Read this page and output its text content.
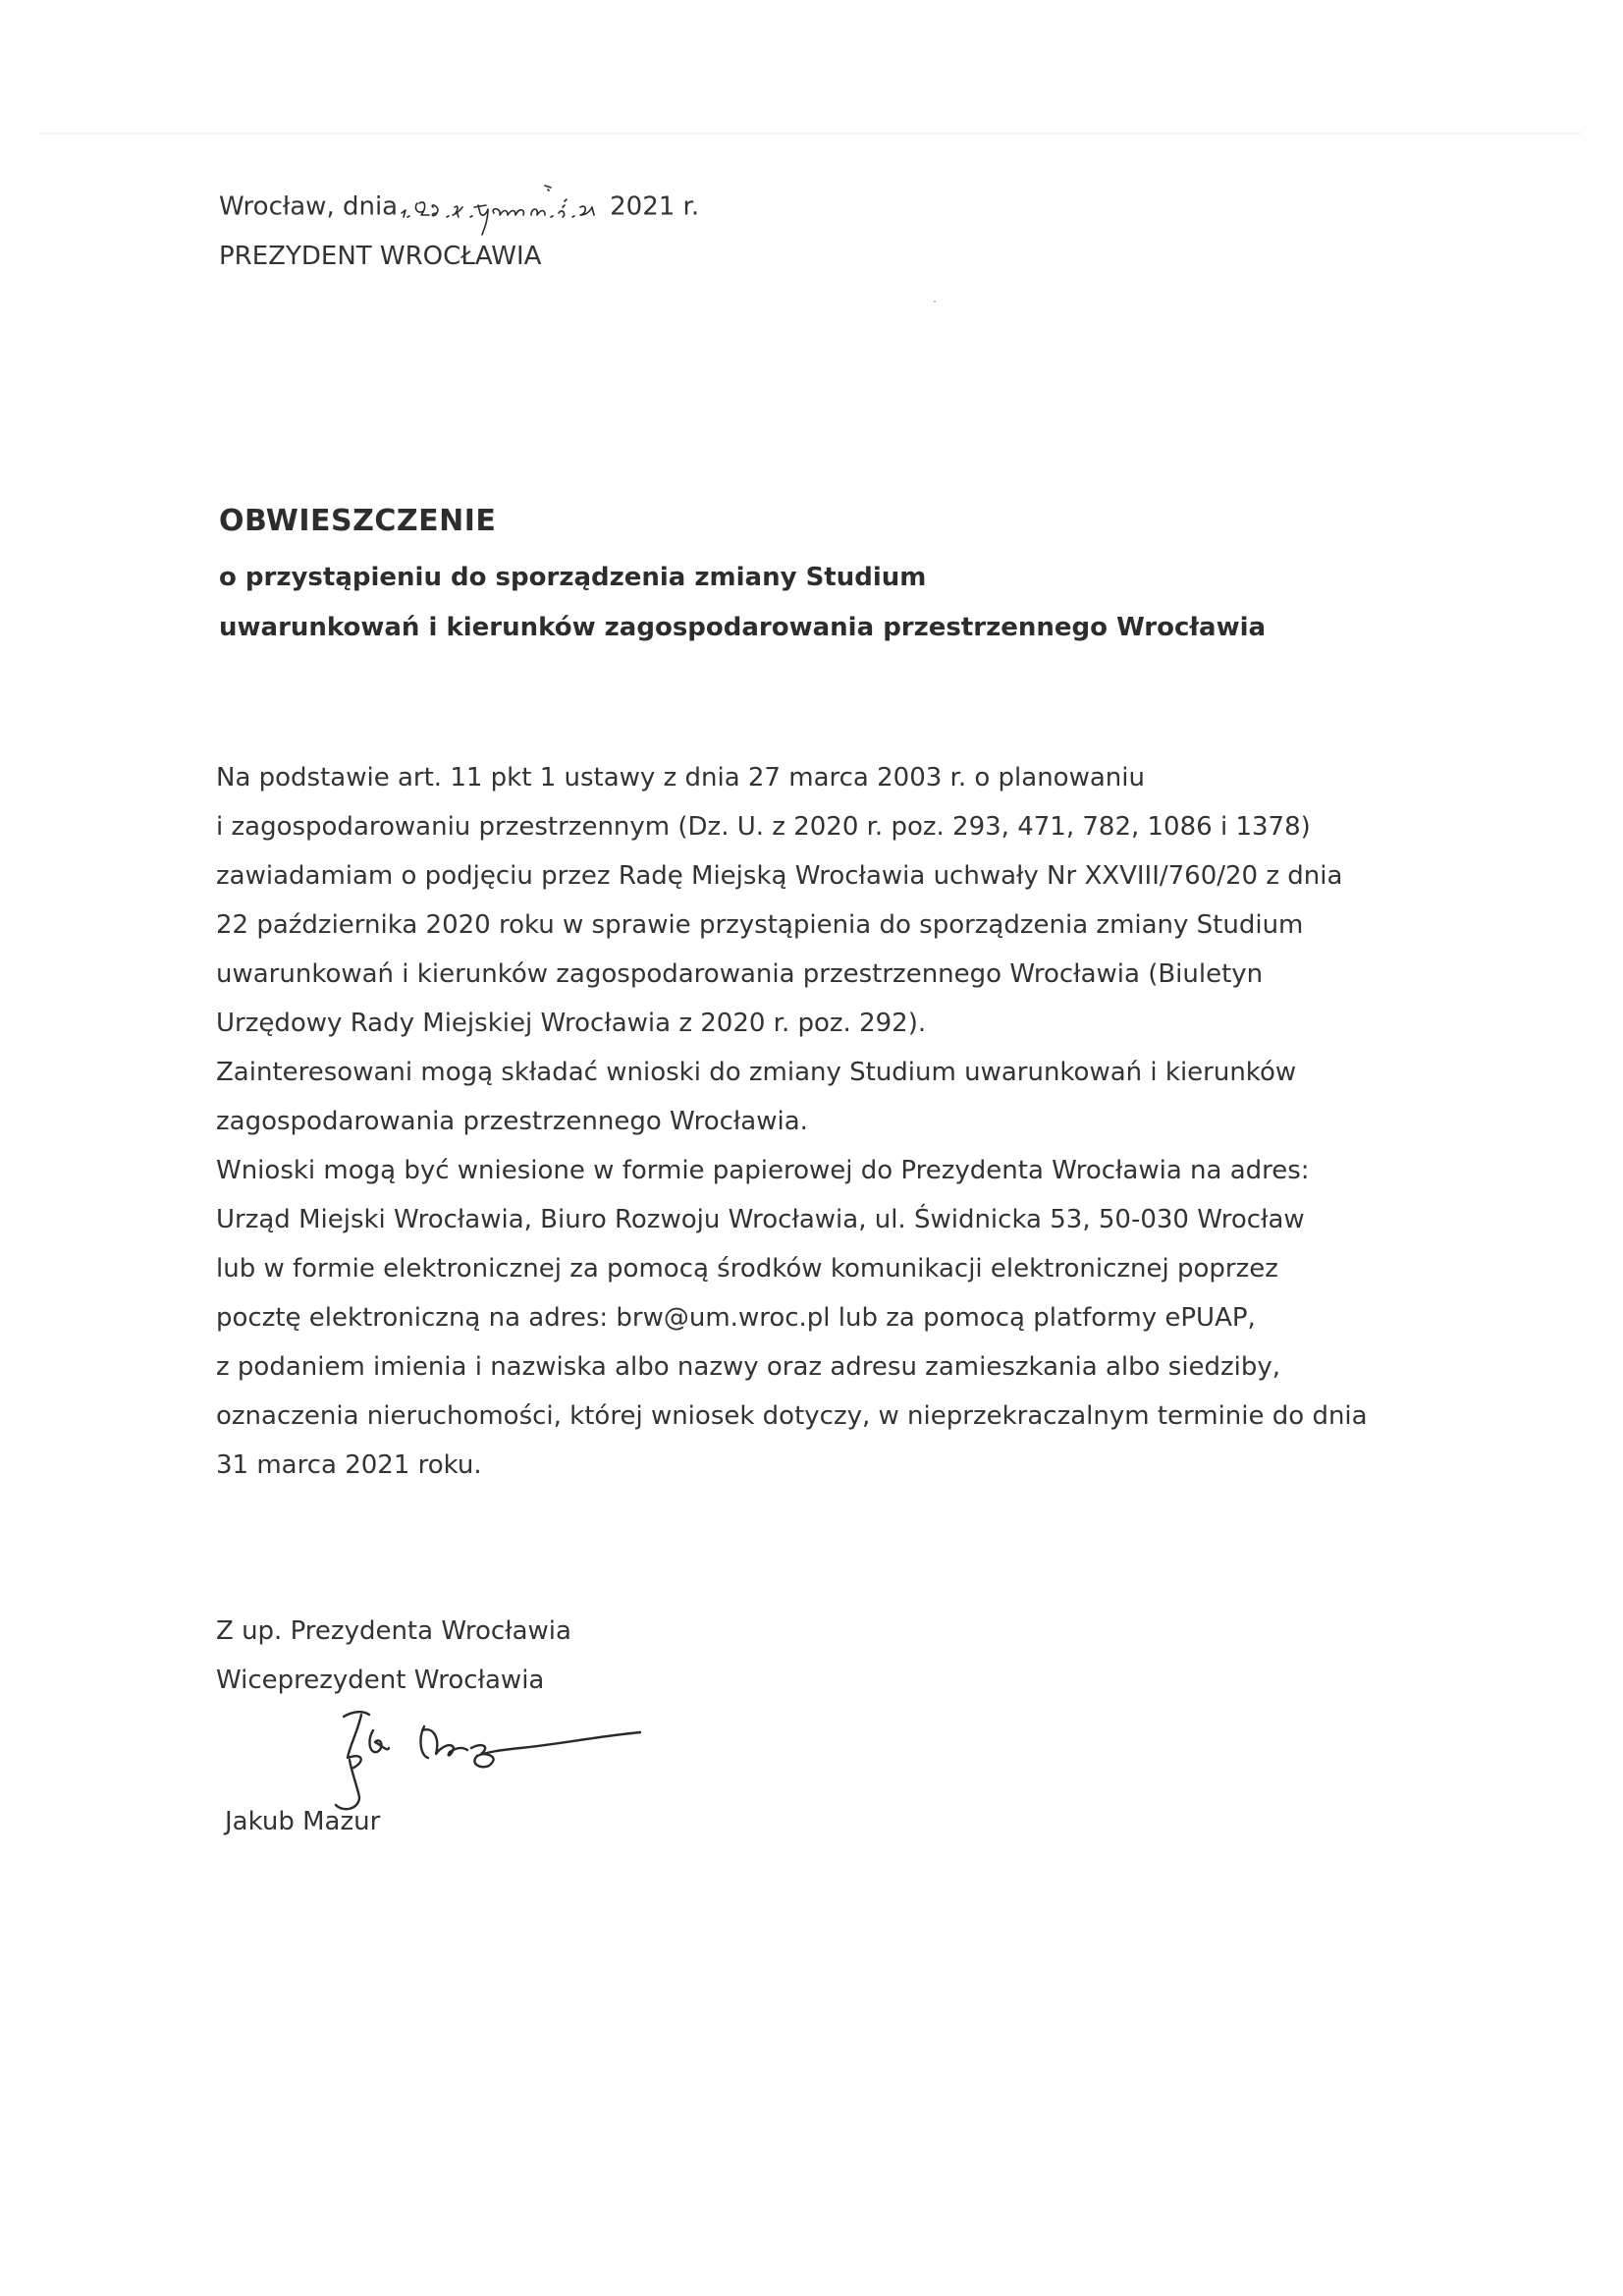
Wrocław, dnia	2021 r.
PREZYDENT WROCŁAWIA
OBWIESZCZENIE
o przystąpieniu do sporządzenia zmiany Studium
uwarunkowań i kierunków zagospodarowania przestrzennego Wrocławia
Na podstawie art. 11 pkt 1 ustawy z dnia 27 marca 2003 r. o planowaniu
i zagospodarowaniu przestrzennym (Dz. U. z 2020 r. poz. 293, 471, 782, 1086 i 1378)
zawiadamiam o podjęciu przez Radę Miejską Wrocławia uchwały Nr XXVIII/760/20 z dnia
22 października 2020 roku w sprawie przystąpienia do sporządzenia zmiany Studium
uwarunkowań i kierunków zagospodarowania przestrzennego Wrocławia (Biuletyn
Urzędowy Rady Miejskiej Wrocławia z 2020 r. poz. 292).
Zainteresowani mogą składać wnioski do zmiany Studium uwarunkowań i kierunków
zagospodarowania przestrzennego Wrocławia.
Wnioski mogą być wniesione w formie papierowej do Prezydenta Wrocławia na adres:
Urząd Miejski Wrocławia, Biuro Rozwoju Wrocławia, ul. Świdnicka 53, 50-030 Wrocław
lub w formie elektronicznej za pomocą środków komunikacji elektronicznej poprzez
pocztę elektroniczną na adres: brw@um.wroc.pl lub za pomocą platformy ePUAP,
z podaniem imienia i nazwiska albo nazwy oraz adresu zamieszkania albo siedziby,
oznaczenia nieruchomości, której wniosek dotyczy, w nieprzekraczalnym terminie do dnia
31 marca 2021 roku.
Z up. Prezydenta Wrocławia
Wiceprezydent Wrocławia
Jakub Mazur
